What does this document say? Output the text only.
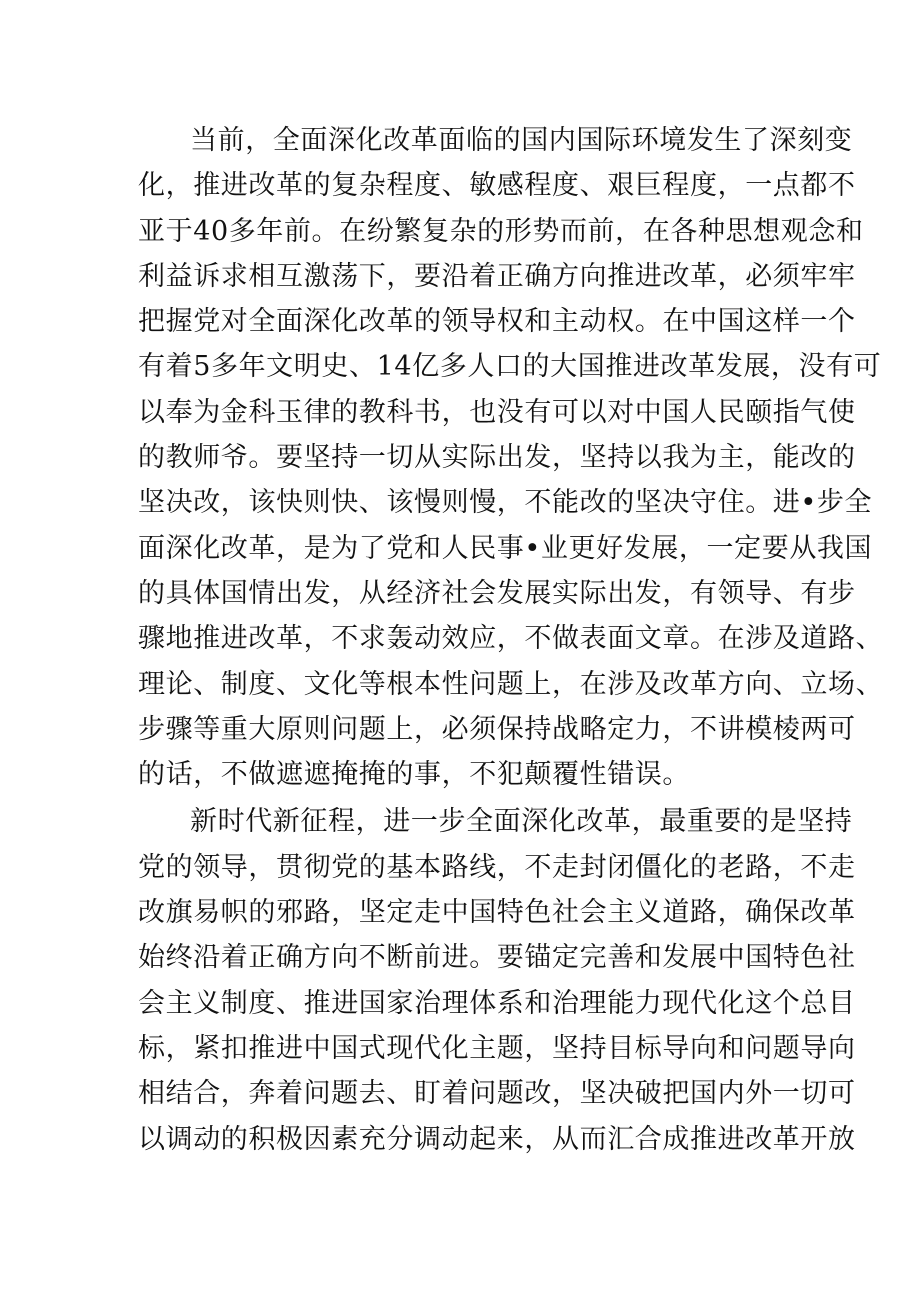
当前，全面深化改革面临的国内国际环境发生了深刻变
化，推进改革的复杂程度、敏感程度、艰巨程度，一点都不
亚于40多年前。在纷繁复杂的形势而前，在各种思想观念和
利益诉求相互激荡下，要沿着正确方向推进改革，必须牢牢
把握党对全面深化改革的领导权和主动权。在中国这样一个
有着5多年文明史、14亿多人口的大国推进改革发展，没有可
以奉为金科玉律的教科书，也没有可以对中国人民颐指气使
的教师爷。要坚持一切从实际出发，坚持以我为主，能改的
坚决改，该快则快、该慢则慢，不能改的坚决守住。进•步全
面深化改革，是为了党和人民事•业更好发展，一定要从我国
的具体国情出发，从经济社会发展实际出发，有领导、有步
骤地推进改革，不求轰动效应，不做表面文章。在涉及道路、
理论、制度、文化等根本性问题上，在涉及改革方向、立场、
步骤等重大原则问题上，必须保持战略定力，不讲模棱两可
的话，不做遮遮掩掩的事，不犯颠覆性错误。
新时代新征程，进一步全面深化改革，最重要的是坚持
党的领导，贯彻党的基本路线，不走封闭僵化的老路，不走
改旗易帜的邪路，坚定走中国特色社会主义道路，确保改革
始终沿着正确方向不断前进。要锚定完善和发展中国特色社
会主义制度、推进国家治理体系和治理能力现代化这个总目
标，紧扣推进中国式现代化主题，坚持目标导向和问题导向
相结合，奔着问题去、盯着问题改，坚决破把国内外一切可
以调动的积极因素充分调动起来，从而汇合成推进改革开放
